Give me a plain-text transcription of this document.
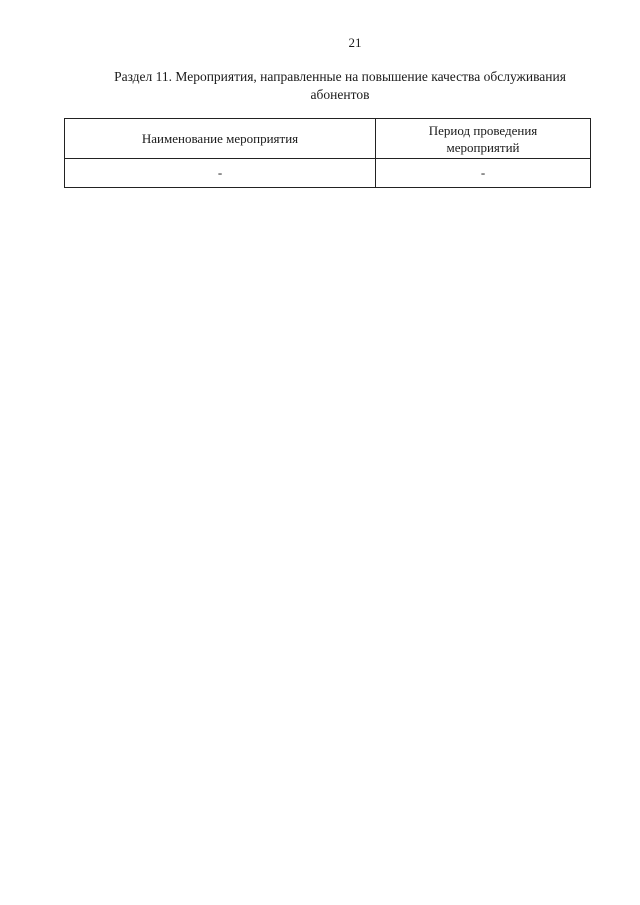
21
Раздел 11. Мероприятия, направленные на повышение качества обслуживания
абонентов
Наименование мероприятия	Период проведения
мероприятий

-	-
